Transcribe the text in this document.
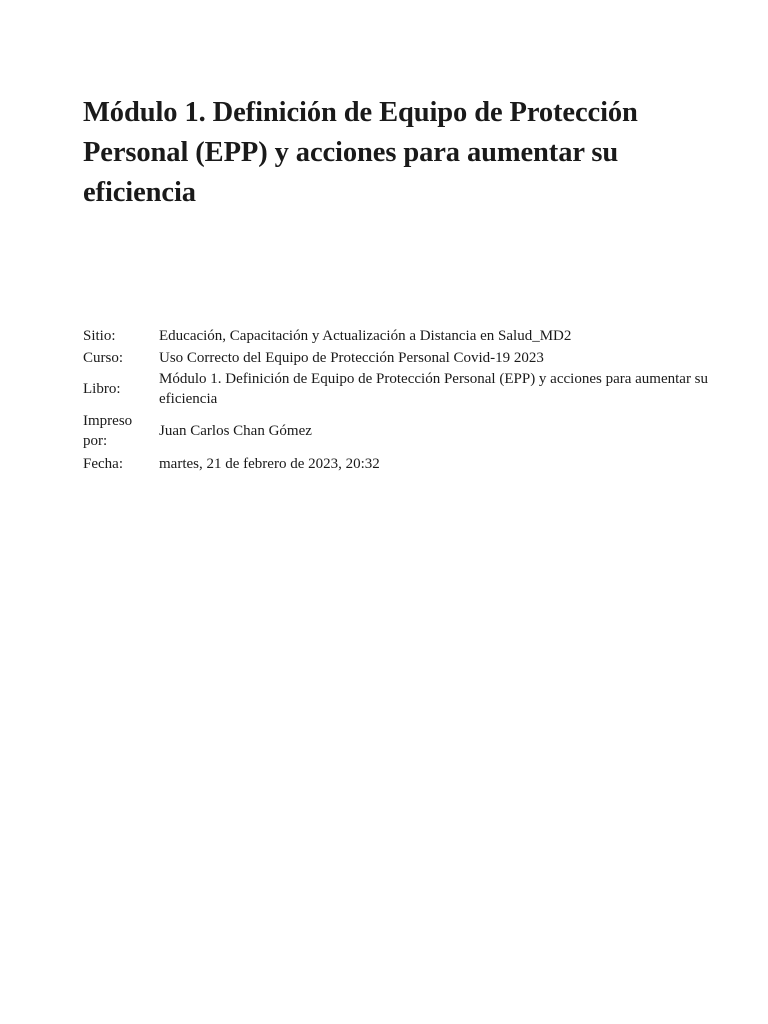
Módulo 1. Definición de Equipo de Protección Personal (EPP) y acciones para aumentar su eficiencia
Sitio:	Educación, Capacitación y Actualización a Distancia en Salud_MD2
Curso:	Uso Correcto del Equipo de Protección Personal Covid-19 2023
Libro:	Módulo 1. Definición de Equipo de Protección Personal (EPP) y acciones para aumentar su eficiencia
Impreso por:	Juan Carlos Chan Gómez
Fecha:	martes, 21 de febrero de 2023, 20:32
